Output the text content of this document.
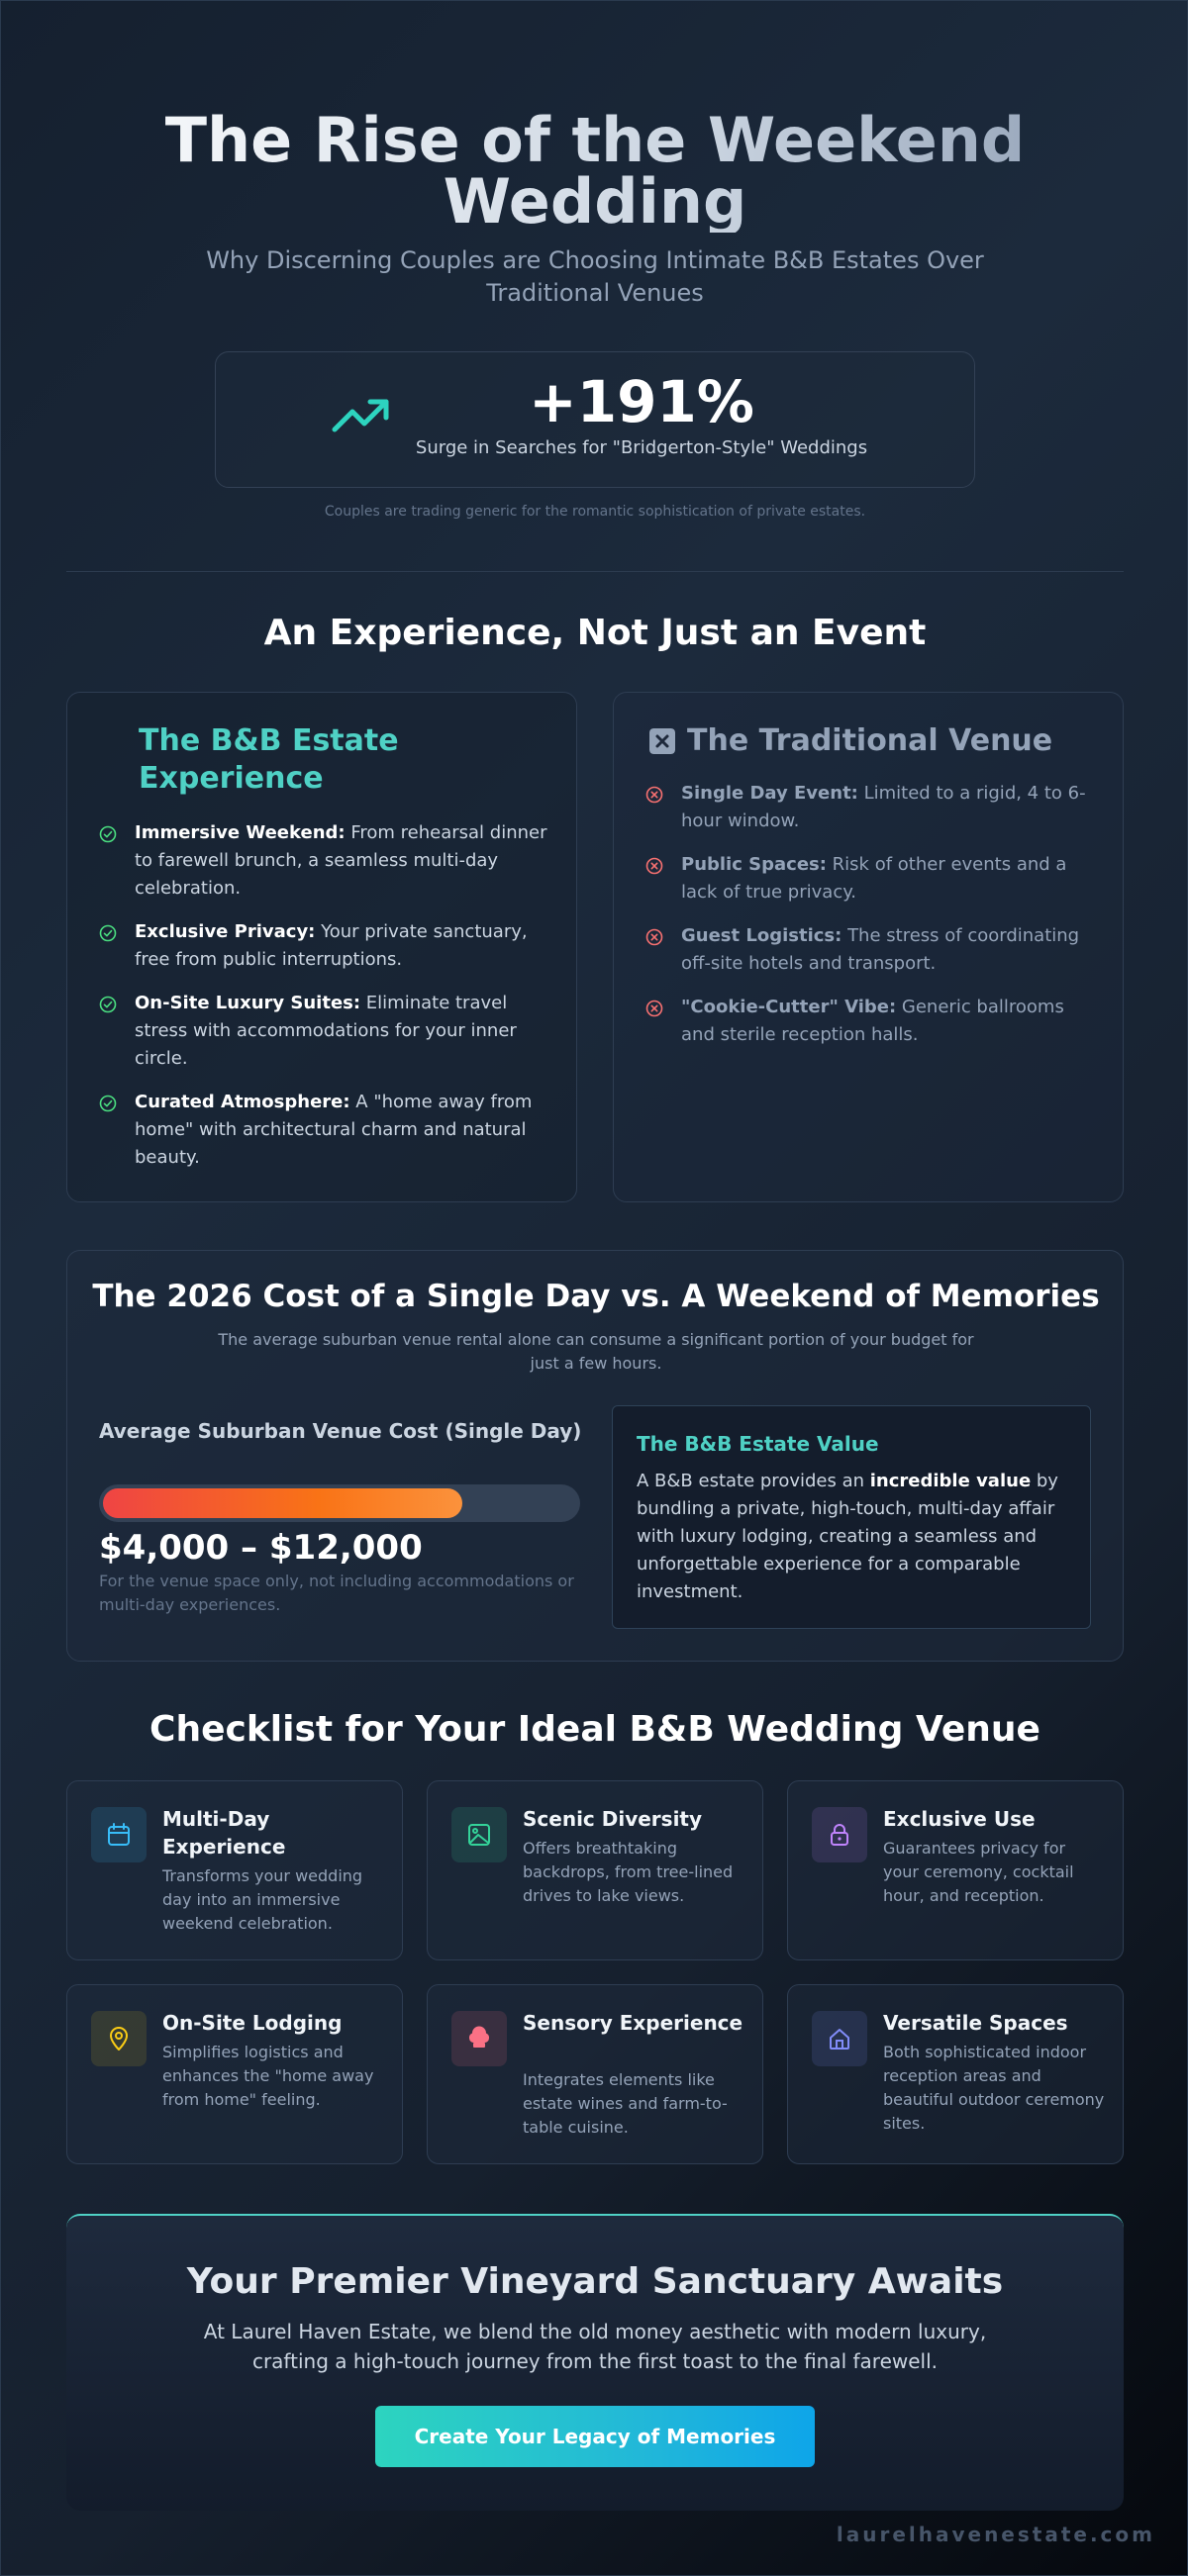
The Rise of the Weekend Wedding

Why Discerning Couples are Choosing Intimate B&B Estates Over Traditional Venues

+191%
Surge in Searches for "Bridgerton-Style" Weddings

Couples are trading generic for the romantic sophistication of private estates.

An Experience, Not Just an Event
The B&B Estate Experience
Immersive Weekend: From rehearsal dinner to farewell brunch, a seamless multi-day celebration.
Exclusive Privacy: Your private sanctuary, free from public interruptions.
On-Site Luxury Suites: Eliminate travel stress with accommodations for your inner circle.
Curated Atmosphere: A "home away from home" with architectural charm and natural beauty.
The Traditional Venue
Single Day Event: Limited to a rigid, 4 to 6-hour window.
Public Spaces: Risk of other events and a lack of true privacy.
Guest Logistics: The stress of coordinating off-site hotels and transport.
"Cookie-Cutter" Vibe: Generic ballrooms and sterile reception halls.
The 2026 Cost of a Single Day vs. A Weekend of Memories

The average suburban venue rental alone can consume a significant portion of your budget for just a few hours.

Average Suburban Venue Cost (Single Day)
$4,000 – $12,000

For the venue space only, not including accommodations or multi-day experiences.

The B&B Estate Value

A B&B estate provides an incredible value by bundling a private, high-touch, multi-day affair with luxury lodging, creating a seamless and unforgettable experience for a comparable investment.

Checklist for Your Ideal B&B Wedding Venue
Multi-Day Experience
Transforms your wedding day into an immersive weekend celebration.
Scenic Diversity
Offers breathtaking backdrops, from tree-lined drives to lake views.
Exclusive Use
Guarantees privacy for your ceremony, cocktail hour, and reception.
On-Site Lodging
Simplifies logistics and enhances the "home away from home" feeling.
Sensory Experience
Integrates elements like estate wines and farm-to-table cuisine.
Versatile Spaces
Both sophisticated indoor reception areas and beautiful outdoor ceremony sites.
Your Premier Vineyard Sanctuary Awaits

At Laurel Haven Estate, we blend the old money aesthetic with modern luxury, crafting a high-touch journey from the first toast to the final farewell.

Create Your Legacy of Memories
laurelhavenestate.com
